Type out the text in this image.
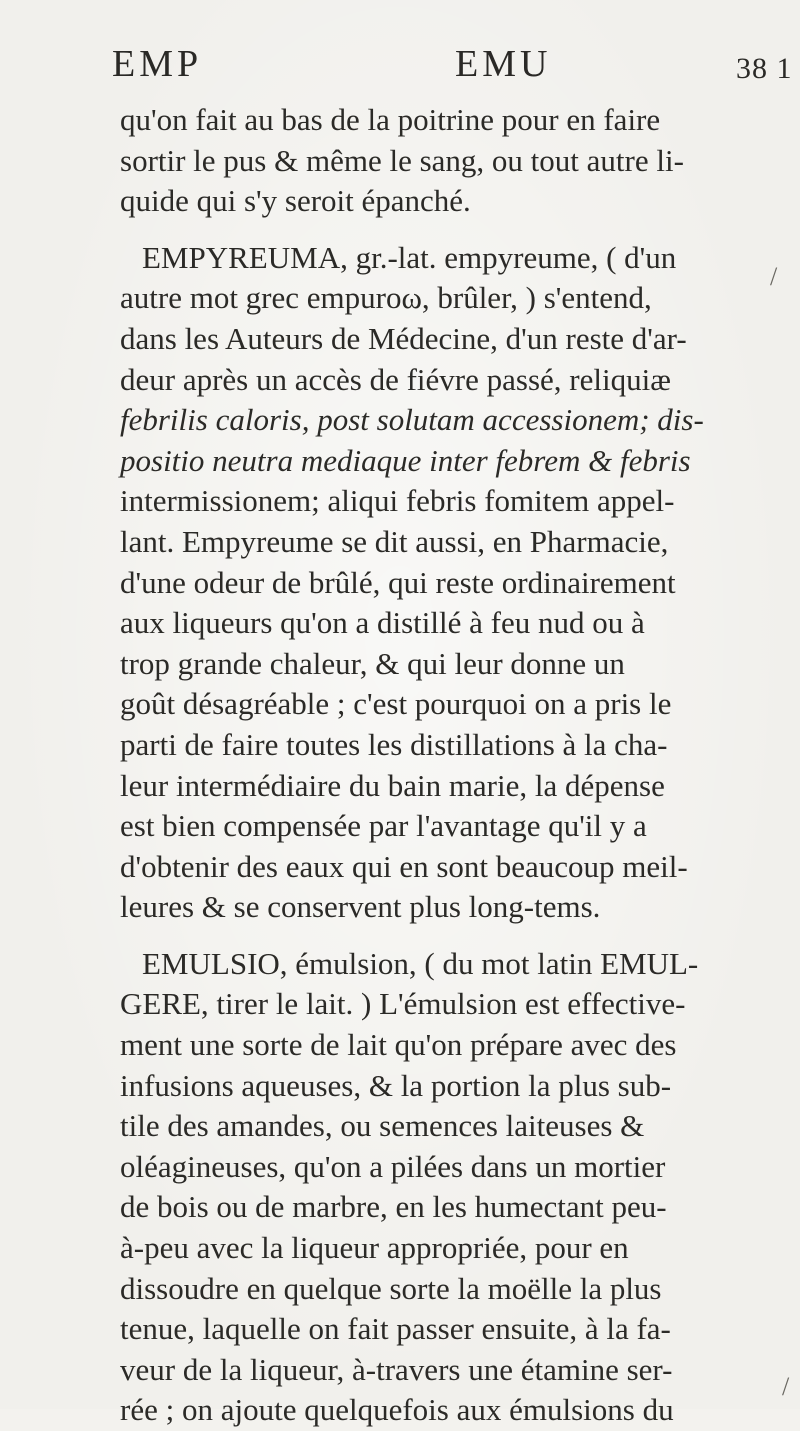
EMP	EMU	38 1
qu'on fait au bas de la poitrine pour en faire
sortir le pus & même le sang, ou tout autre li-
quide qui s'y seroit épanché.
EMPYREUMA, gr.-lat. empyreume, ( d'un
autre mot grec empuroω, brûler, ) s'entend,
dans les Auteurs de Médecine, d'un reste d'ar-
deur après un accès de fiévre passé, reliquiæ
febrilis caloris, post solutam accessionem; dis-
positio neutra mediaque inter febrem & febris
intermissionem; aliqui febris fomitem appel-
lant. Empyreume se dit aussi, en Pharmacie,
d'une odeur de brûlé, qui reste ordinairement
aux liqueurs qu'on a distillé à feu nud ou à
trop grande chaleur, & qui leur donne un
goût désagréable ; c'est pourquoi on a pris le
parti de faire toutes les distillations à la cha-
leur intermédiaire du bain marie, la dépense
est bien compensée par l'avantage qu'il y a
d'obtenir des eaux qui en sont beaucoup meil-
leures & se conservent plus long-tems.
EMULSIO, émulsion, ( du mot latin EMUL-
GERE, tirer le lait. ) L'émulsion est effective-
ment une sorte de lait qu'on prépare avec des
infusions aqueuses, & la portion la plus sub-
tile des amandes, ou semences laiteuses &
oléagineuses, qu'on a pilées dans un mortier
de bois ou de marbre, en les humectant peu-
à-peu avec la liqueur appropriée, pour en
dissoudre en quelque sorte la moëlle la plus
tenue, laquelle on fait passer ensuite, à la fa-
veur de la liqueur, à-travers une étamine ser-
rée ; on ajoute quelquefois aux émulsions du
/
/
